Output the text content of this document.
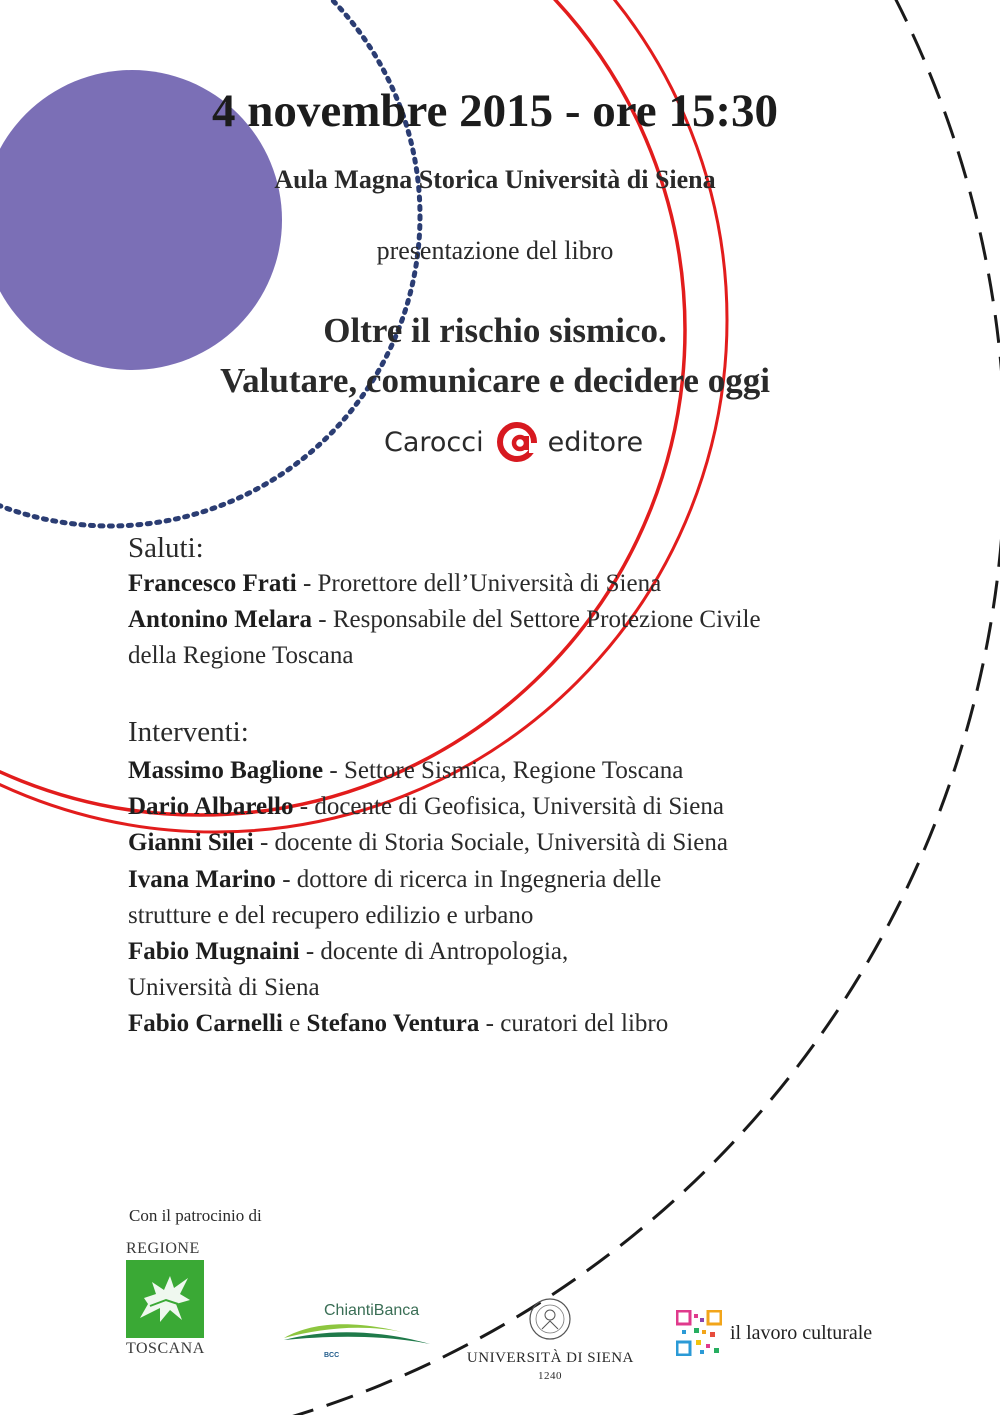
4 novembre 2015 - ore 15:30
Aula Magna Storica Università di Siena
presentazione del libro
Oltre il rischio sismico.
Valutare, comunicare e decidere oggi
Carocci editore
Saluti:
Francesco Frati - Prorettore dell’Università di Siena
Antonino Melara - Responsabile del Settore Protezione Civile
della Regione Toscana
Interventi:
Massimo Baglione - Settore Sismica, Regione Toscana
Dario Albarello - docente di Geofisica, Università di Siena
Gianni Silei - docente di Storia Sociale, Università di Siena
Ivana Marino - dottore di ricerca in Ingegneria delle
strutture e del recupero edilizio e urbano
Fabio Mugnaini - docente di Antropologia,
Università di Siena
Fabio Carnelli e Stefano Ventura - curatori del libro
Con il patrocinio di
REGIONE
TOSCANA
ChiantiBanca
BCC	UNIVERSITÀ DI SIENA 1240
il lavoro culturale
